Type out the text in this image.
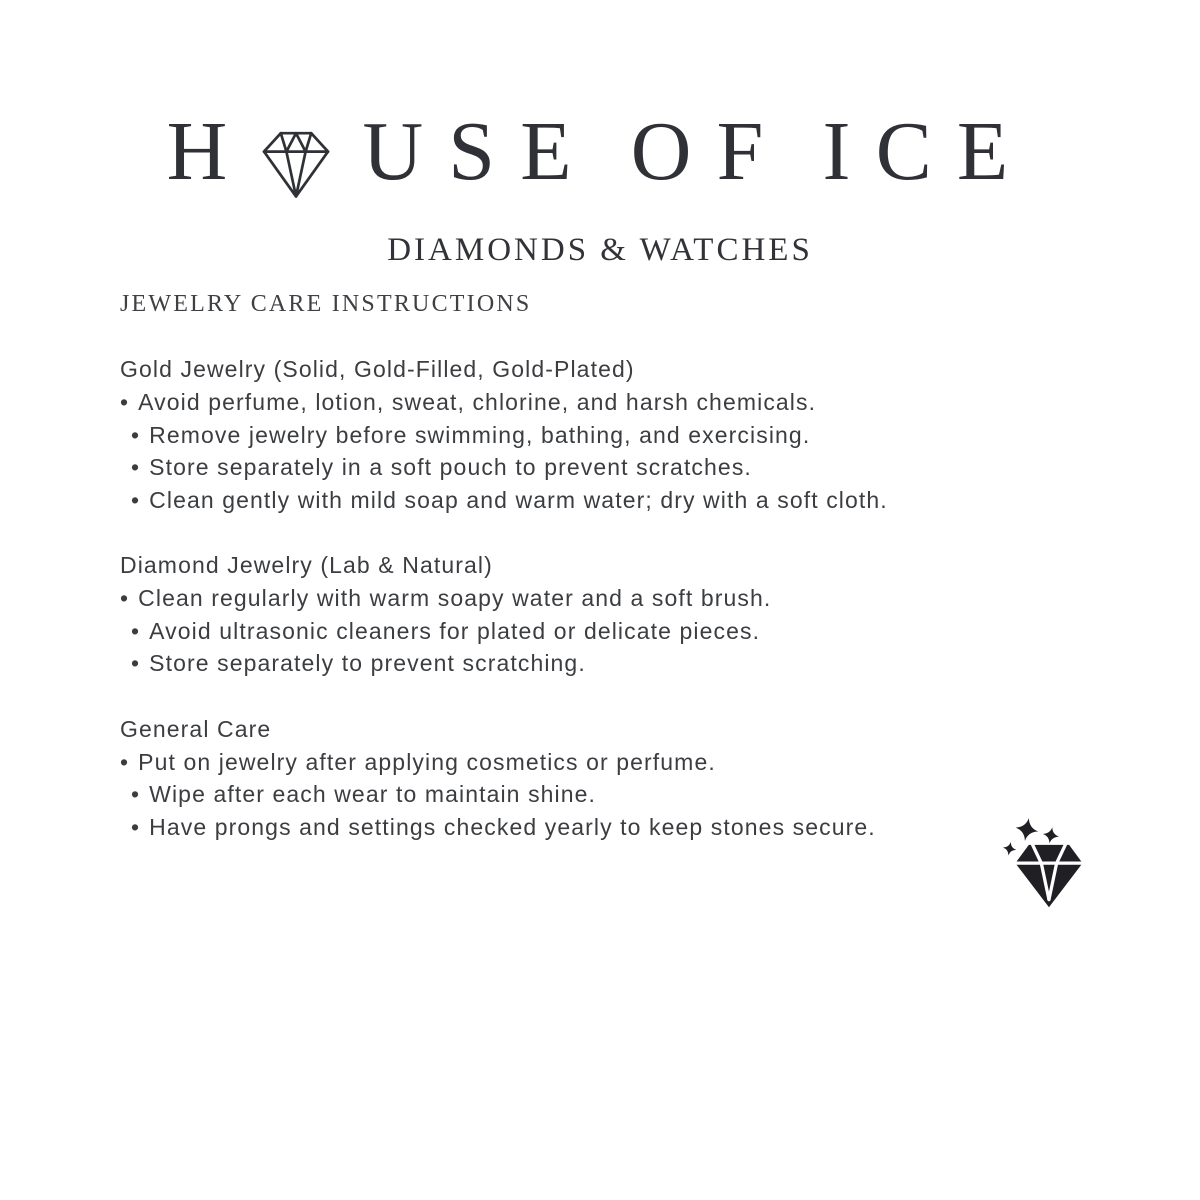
H USE OF ICE
DIAMONDS & WATCHES
JEWELRY CARE INSTRUCTIONS

Gold Jewelry (Solid, Gold-Filled, Gold-Plated)

• Avoid perfume, lotion, sweat, chlorine, and harsh chemicals.

• Remove jewelry before swimming, bathing, and exercising.

• Store separately in a soft pouch to prevent scratches.

• Clean gently with mild soap and warm water; dry with a soft cloth.

Diamond Jewelry (Lab & Natural)

• Clean regularly with warm soapy water and a soft brush.

• Avoid ultrasonic cleaners for plated or delicate pieces.

• Store separately to prevent scratching.

General Care

• Put on jewelry after applying cosmetics or perfume.

• Wipe after each wear to maintain shine.

• Have prongs and settings checked yearly to keep stones secure.
